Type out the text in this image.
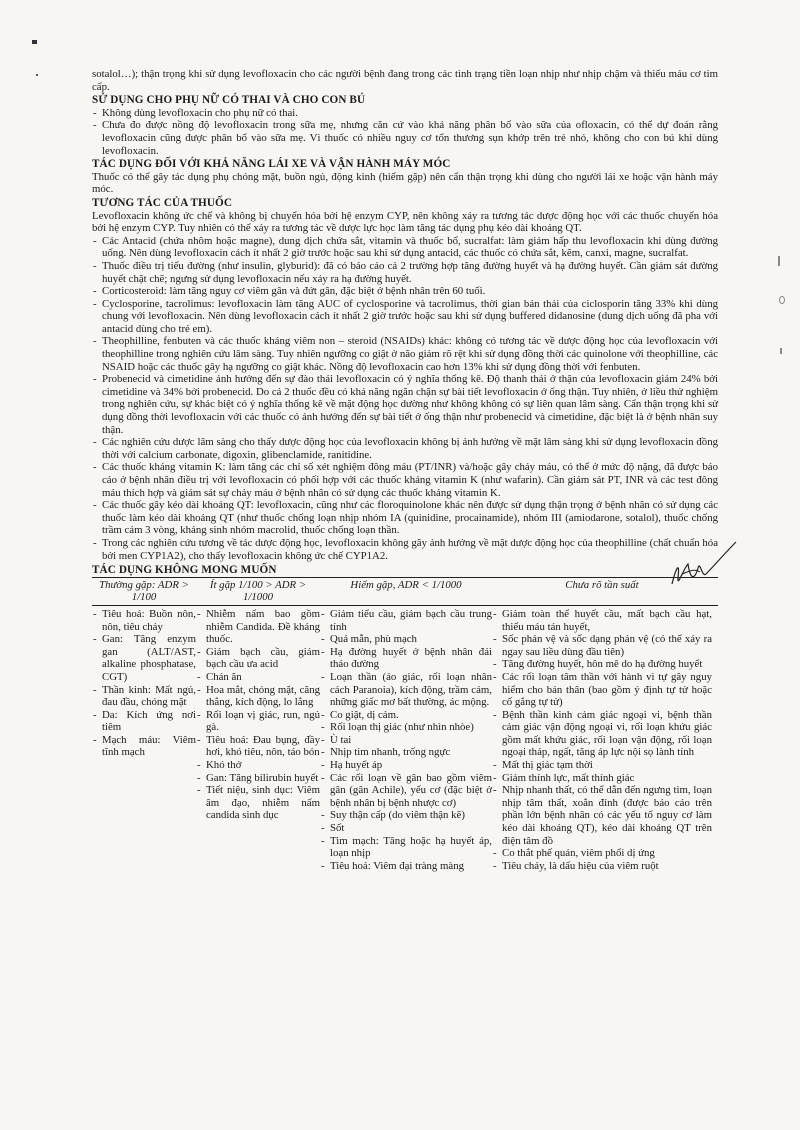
sotalol…); thận trọng khi sử dụng levofloxacin cho các người bệnh đang trong các tình trạng tiền loạn nhịp như nhịp chậm và thiếu máu cơ tim cấp.

SỬ DỤNG CHO PHỤ NỮ CÓ THAI VÀ CHO CON BÚ
- Không dùng levofloxacin cho phụ nữ có thai.
- Chưa đo được nồng độ levofloxacin trong sữa mẹ, nhưng căn cứ vào khả năng phân bố vào sữa của ofloxacin, có thể dự đoán rằng levofloxacin cũng được phân bố vào sữa mẹ. Vì thuốc có nhiều nguy cơ tổn thương sụn khớp trên trẻ nhỏ, không cho con bú khi dùng levofloxacin.
TÁC DỤNG ĐỐI VỚI KHẢ NĂNG LÁI XE VÀ VẬN HÀNH MÁY MÓC

Thuốc có thể gây tác dụng phụ chóng mặt, buồn ngủ, động kinh (hiếm gặp) nên cẩn thận trọng khi dùng cho người lái xe hoặc vận hành máy móc.

TƯƠNG TÁC CỦA THUỐC

Levofloxacin không ức chế và không bị chuyển hóa bởi hệ enzym CYP, nên không xảy ra tương tác dược động học với các thuốc chuyển hóa bởi hệ enzym CYP. Tuy nhiên có thể xảy ra tương tác về dược lực học làm tăng tác dụng phụ kéo dài khoảng QT.

- Các Antacid (chứa nhôm hoặc magne), dung dịch chứa sắt, vitamin và thuốc bổ, sucralfat: làm giảm hấp thu levofloxacin khi dùng đường uống. Nên dùng levofloxacin cách ít nhất 2 giờ trước hoặc sau khi sử dụng antacid, các thuốc có chứa sắt, kẽm, canxi, magne, sucralfat.
- Thuốc điều trị tiểu đường (như insulin, glyburid): đã có báo cáo cả 2 trường hợp tăng đường huyết và hạ đường huyết. Cần giám sát đường huyết chặt chẽ; ngưng sử dụng levofloxacin nếu xảy ra hạ đường huyết.
- Corticosteroid: làm tăng nguy cơ viêm gân và đứt gân, đặc biệt ở bệnh nhân trên 60 tuổi.
- Cyclosporine, tacrolimus: levofloxacin làm tăng AUC of cyclosporine và tacrolimus, thời gian bán thải của ciclosporin tăng 33% khi dùng chung với levofloxacin. Nên dùng levofloxacin cách ít nhất 2 giờ trước hoặc sau khi sử dụng buffered didanosine (dung dịch uống đã pha với antacid dùng cho trẻ em).
- Theophilline, fenbuten và các thuốc kháng viêm non – steroid (NSAIDs) khác: không có tương tác về dược động học của levofloxacin với theophilline trong nghiên cứu lâm sàng. Tuy nhiên ngưỡng co giật ở não giảm rõ rệt khi sử dụng đồng thời các quinolone với theophilline, các NSAID hoặc các thuốc gây hạ ngưỡng co giật khác. Nồng độ levofloxacin cao hơn 13% khi sử dụng đồng thời với fenbuten.
- Probenecid và cimetidine ảnh hưởng đến sự đào thải levofloxacin có ý nghĩa thống kê. Độ thanh thải ở thận của levofloxacin giảm 24% bởi cimetidine và 34% bởi probenecid. Do cả 2 thuốc đều có khả năng ngăn chặn sự bài tiết levofloxacin ở ống thận. Tuy nhiên, ở liều thử nghiệm trong nghiên cứu, sự khác biệt có ý nghĩa thống kê về mặt động học dường như không không có sự liên quan lâm sàng. Cẩn thận trọng khi sử dụng đồng thời levofloxacin với các thuốc có ảnh hưởng đến sự bài tiết ở ống thận như probenecid và cimetidine, đặc biệt là ở bệnh nhân suy thận.
- Các nghiên cứu dược lâm sàng cho thấy dược động học của levofloxacin không bị ảnh hưởng về mặt lâm sàng khi sử dụng levofloxacin đồng thời với calcium carbonate, digoxin, glibenclamide, ranitidine.
- Các thuốc kháng vitamin K: làm tăng các chỉ số xét nghiệm đông máu (PT/INR) và/hoặc gây chảy máu, có thể ở mức độ nặng, đã được báo cáo ở bệnh nhân điều trị với levofloxacin có phối hợp với các thuốc kháng vitamin K (như wafarin). Cần giám sát PT, INR và các test đông máu thích hợp và giám sát sự chảy máu ở bệnh nhân có sử dụng các thuốc kháng vitamin K.
- Các thuốc gây kéo dài khoảng QT: levofloxacin, cũng như các floroquinolone khác nên được sử dụng thận trọng ở bệnh nhân có sử dụng các thuốc làm kéo dài khoảng QT (như thuốc chống loạn nhịp nhóm IA (quinidine, procainamide), nhóm III (amiodarone, sotalol), thuốc chống trầm cảm 3 vòng, kháng sinh nhóm macrolid, thuốc chống loạn thần.
- Trong các nghiên cứu tương về tác dược động học, levofloxacin không gây ảnh hưởng về mặt dược động học của theophilline (chất chuẩn hóa bởi men CYP1A2), cho thấy levofloxacin không ức chế CYP1A2.
TÁC DỤNG KHÔNG MONG MUỐN
Thường gặp: ADR > 1/100
Ít gặp 1/100 > ADR > 1/1000
Hiếm gặp, ADR < 1/1000	Chưa rõ tần suất
- Tiêu hoá: Buồn nôn, nôn, tiêu chảy
- Gan: Tăng enzym gan (ALT/AST, alkaline phosphatase, CGT)
- Thần kinh: Mất ngủ, đau đầu, chóng mặt
- Da: Kích ứng nơi tiêm
- Mạch máu: Viêm tĩnh mạch
- Nhiễm nấm bao gồm nhiễm Candida. Đề kháng thuốc.
- Giảm bạch cầu, giảm bạch cầu ưa acid
- Chán ăn
- Hoa mắt, chóng mặt, căng thẳng, kích động, lo lắng
- Rối loạn vị giác, run, ngủ gà.
- Tiêu hoá: Đau bụng, đầy hơi, khó tiêu, nôn, táo bón
- Khó thở
- Gan: Tăng bilirubin huyết
- Tiết niệu, sinh dục: Viêm âm đạo, nhiễm nấm candida sinh dục
- Giảm tiểu cầu, giảm bạch cầu trung tính
- Quá mẫn, phù mạch
- Hạ đường huyết ở bệnh nhân đái tháo đường
- Loạn thần (ảo giác, rối loạn nhân cách Paranoia), kích động, trầm cảm, những giấc mơ bất thường, ác mộng.
- Co giật, dị cảm.
- Rối loạn thị giác (như nhìn nhòe)
- Ù tai
- Nhịp tim nhanh, trống ngực
- Hạ huyết áp
- Các rối loạn về gân bao gồm viêm gân (gân Achile), yếu cơ (đặc biệt ở bệnh nhân bị bệnh nhược cơ)
- Suy thận cấp (do viêm thận kẽ)
- Sốt
- Tim mạch: Tăng hoặc hạ huyết áp, loạn nhịp
- Tiêu hoá: Viêm đại tràng màng
- Giảm toàn thể huyết cầu, mất bạch cầu hạt, thiếu máu tán huyết,
- Sốc phản vệ và sốc dạng phản vệ (có thể xảy ra ngay sau liều dùng đầu tiên)
- Tăng đường huyết, hôn mê do hạ đường huyết
- Các rối loạn tâm thần với hành vi tự gây nguy hiểm cho bản thân (bao gồm ý định tự tử hoặc cố gắng tự tử)
- Bệnh thần kinh cảm giác ngoại vi, bệnh thần cảm giác vận động ngoại vi, rối loạn khứu giác gồm mất khứu giác, rối loạn vận động, rối loạn ngoại tháp, ngất, tăng áp lực nội sọ lành tính
- Mất thị giác tạm thời
- Giảm thính lực, mất thính giác
- Nhịp nhanh thất, có thể dẫn đến ngưng tim, loạn nhịp tâm thất, xoắn đỉnh (được báo cáo trên phần lớn bệnh nhân có các yếu tố nguy cơ làm kéo dài khoảng QT), kéo dài khoảng QT trên điện tâm đồ
- Co thắt phế quản, viêm phổi dị ứng
- Tiêu chảy, là dấu hiệu của viêm ruột
